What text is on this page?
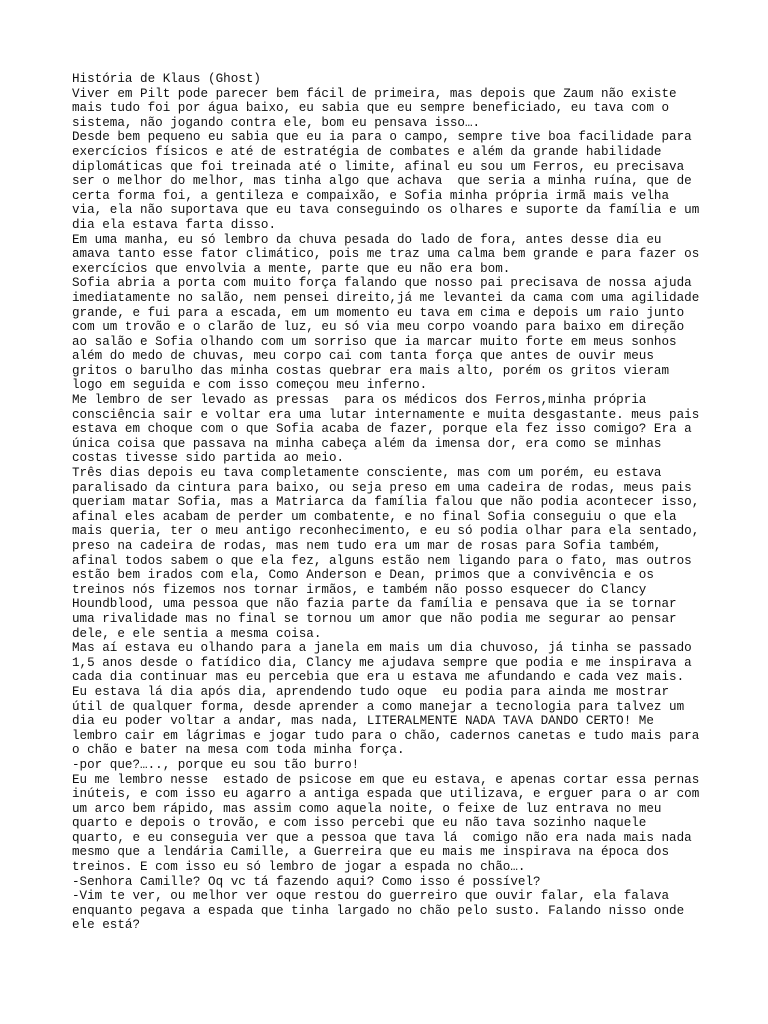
História de Klaus (Ghost)
Viver em Pilt pode parecer bem fácil de primeira, mas depois que Zaum não existe
mais tudo foi por água baixo, eu sabia que eu sempre beneficiado, eu tava com o
sistema, não jogando contra ele, bom eu pensava isso….
Desde bem pequeno eu sabia que eu ia para o campo, sempre tive boa facilidade para
exercícios físicos e até de estratégia de combates e além da grande habilidade
diplomáticas que foi treinada até o limite, afinal eu sou um Ferros, eu precisava
ser o melhor do melhor, mas tinha algo que achava  que seria a minha ruína, que de
certa forma foi, a gentileza e compaixão, e Sofia minha própria irmã mais velha
via, ela não suportava que eu tava conseguindo os olhares e suporte da família e um
dia ela estava farta disso.
Em uma manha, eu só lembro da chuva pesada do lado de fora, antes desse dia eu
amava tanto esse fator climático, pois me traz uma calma bem grande e para fazer os
exercícios que envolvia a mente, parte que eu não era bom.
Sofia abria a porta com muito força falando que nosso pai precisava de nossa ajuda
imediatamente no salão, nem pensei direito,já me levantei da cama com uma agilidade
grande, e fui para a escada, em um momento eu tava em cima e depois um raio junto
com um trovão e o clarão de luz, eu só via meu corpo voando para baixo em direção
ao salão e Sofia olhando com um sorriso que ia marcar muito forte em meus sonhos
além do medo de chuvas, meu corpo cai com tanta força que antes de ouvir meus
gritos o barulho das minha costas quebrar era mais alto, porém os gritos vieram
logo em seguida e com isso começou meu inferno.
Me lembro de ser levado as pressas  para os médicos dos Ferros,minha própria
consciência sair e voltar era uma lutar internamente e muita desgastante. meus pais
estava em choque com o que Sofia acaba de fazer, porque ela fez isso comigo? Era a
única coisa que passava na minha cabeça além da imensa dor, era como se minhas
costas tivesse sido partida ao meio.
Três dias depois eu tava completamente consciente, mas com um porém, eu estava
paralisado da cintura para baixo, ou seja preso em uma cadeira de rodas, meus pais
queriam matar Sofia, mas a Matriarca da família falou que não podia acontecer isso,
afinal eles acabam de perder um combatente, e no final Sofia conseguiu o que ela
mais queria, ter o meu antigo reconhecimento, e eu só podia olhar para ela sentado,
preso na cadeira de rodas, mas nem tudo era um mar de rosas para Sofia também,
afinal todos sabem o que ela fez, alguns estão nem ligando para o fato, mas outros
estão bem irados com ela, Como Anderson e Dean, primos que a convivência e os
treinos nós fizemos nos tornar irmãos, e também não posso esquecer do Clancy
Houndblood, uma pessoa que não fazia parte da família e pensava que ia se tornar
uma rivalidade mas no final se tornou um amor que não podia me segurar ao pensar
dele, e ele sentia a mesma coisa.
Mas aí estava eu olhando para a janela em mais um dia chuvoso, já tinha se passado
1,5 anos desde o fatídico dia, Clancy me ajudava sempre que podia e me inspirava a
cada dia continuar mas eu percebia que era u estava me afundando e cada vez mais.
Eu estava lá dia após dia, aprendendo tudo oque  eu podia para ainda me mostrar
útil de qualquer forma, desde aprender a como manejar a tecnologia para talvez um
dia eu poder voltar a andar, mas nada, LITERALMENTE NADA TAVA DANDO CERTO! Me
lembro cair em lágrimas e jogar tudo para o chão, cadernos canetas e tudo mais para
o chão e bater na mesa com toda minha força.
-por que?….., porque eu sou tão burro!
Eu me lembro nesse  estado de psicose em que eu estava, e apenas cortar essa pernas
inúteis, e com isso eu agarro a antiga espada que utilizava, e erguer para o ar com
um arco bem rápido, mas assim como aquela noite, o feixe de luz entrava no meu
quarto e depois o trovão, e com isso percebi que eu não tava sozinho naquele
quarto, e eu conseguia ver que a pessoa que tava lá  comigo não era nada mais nada
mesmo que a lendária Camille, a Guerreira que eu mais me inspirava na época dos
treinos. E com isso eu só lembro de jogar a espada no chão….
-Senhora Camille? Oq vc tá fazendo aqui? Como isso é possível?
-Vim te ver, ou melhor ver oque restou do guerreiro que ouvir falar, ela falava
enquanto pegava a espada que tinha largado no chão pelo susto. Falando nisso onde
ele está?
